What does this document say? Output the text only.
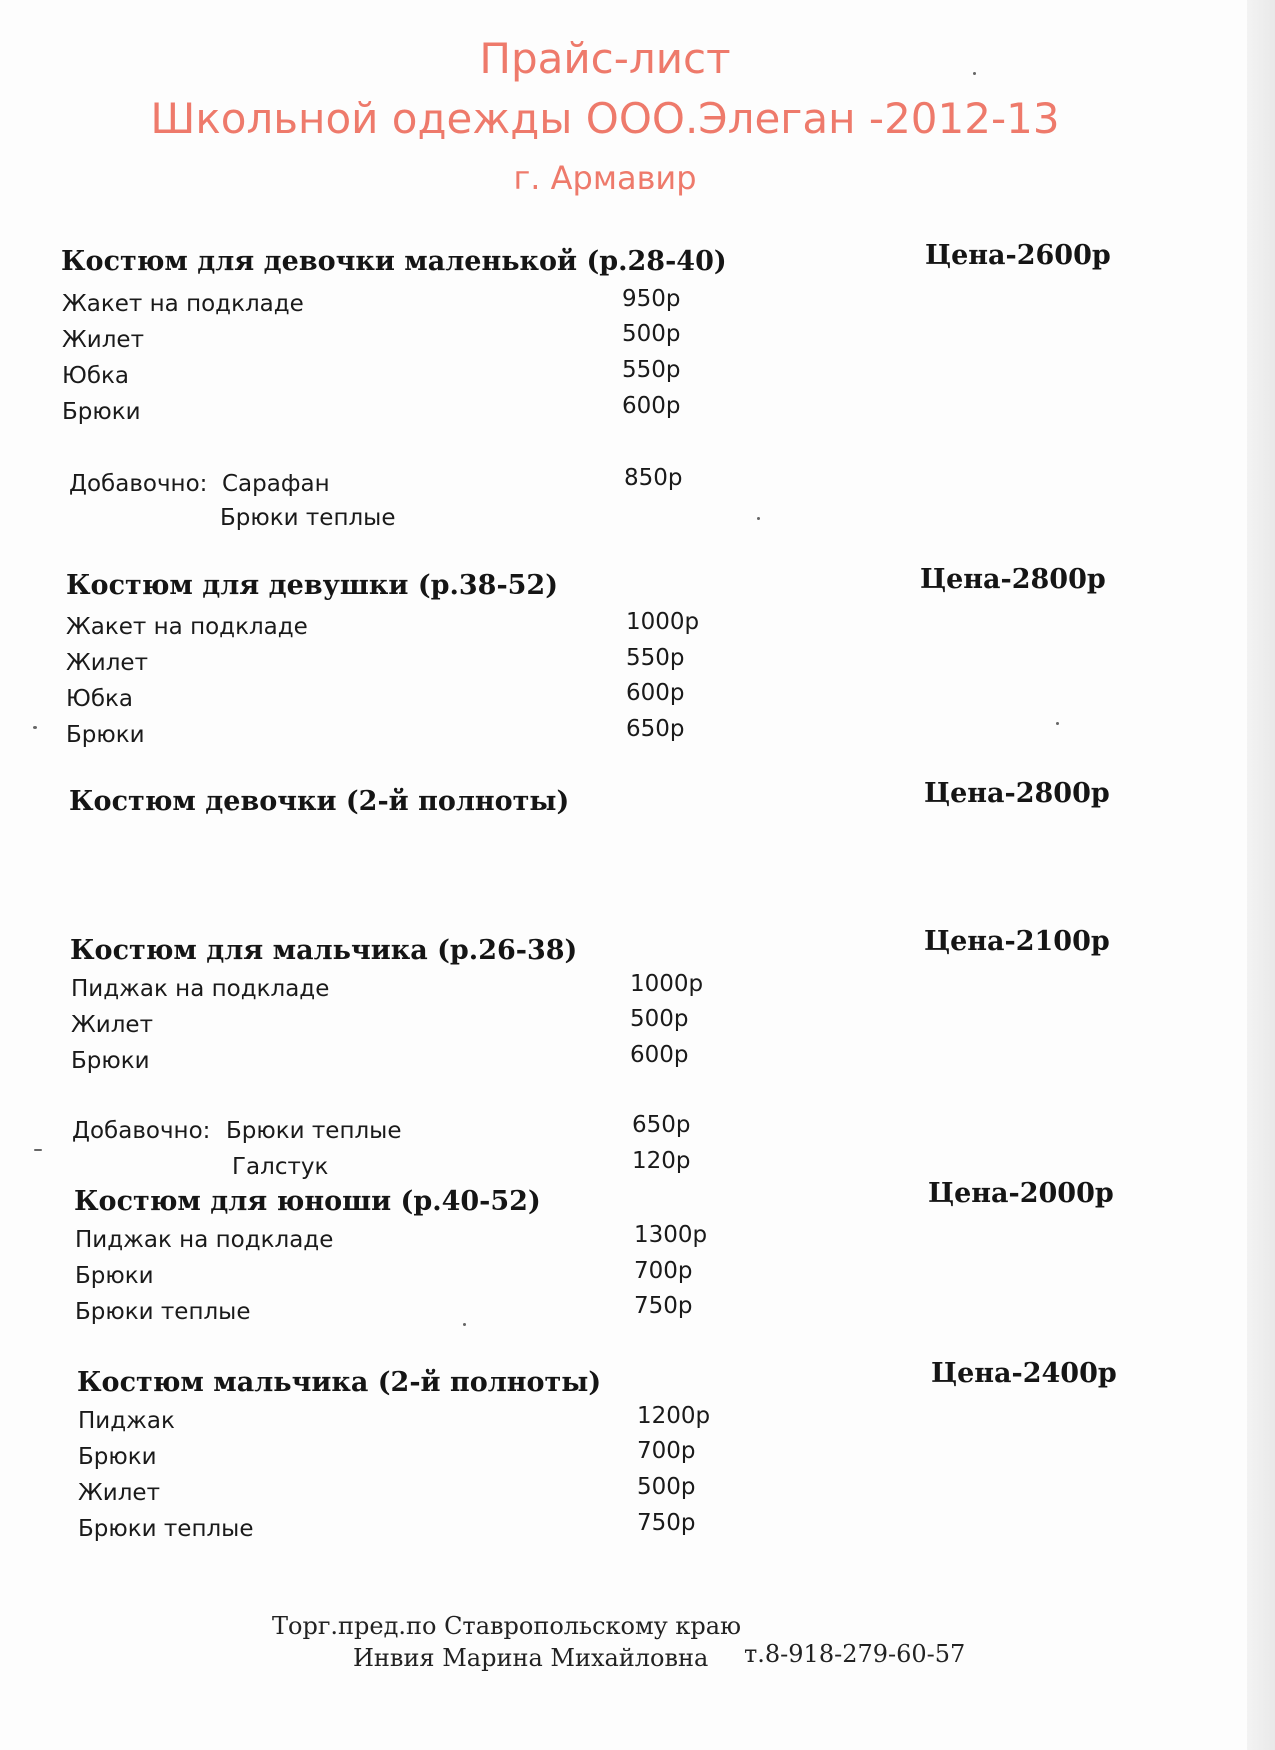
Прайс-лист
Школьной одежды ООО.Элеган -2012-13
г. Армавир
Костюм для девочки маленькой (р.28-40)	Цена-2600р
Жакет на подкладе	950р
Жилет	500р
Юбка	550р
Брюки	600р
Добавочно: Сарафан	850р
Брюки теплые
Костюм для девушки (р.38-52)	Цена-2800р
Жакет на подкладе	1000р
Жилет	550р
Юбка	600р
Брюки	650р
Костюм девочки (2-й полноты)	Цена-2800р
Костюм для мальчика (р.26-38)	Цена-2100р
Пиджак на подкладе	1000р
Жилет	500р
Брюки	600р
Добавочно: Брюки теплые	650р
Галстук	120р
Костюм для юноши (р.40-52)	Цена-2000р
Пиджак на подкладе	1300р
Брюки	700р
Брюки теплые	750р
Костюм мальчика (2-й полноты)	Цена-2400р
Пиджак	1200р
Брюки	700р
Жилет	500р
Брюки теплые	750р
Торг.пред.по Ставропольскому краю
Инвия Марина Михайловна т.8-918-279-60-57
